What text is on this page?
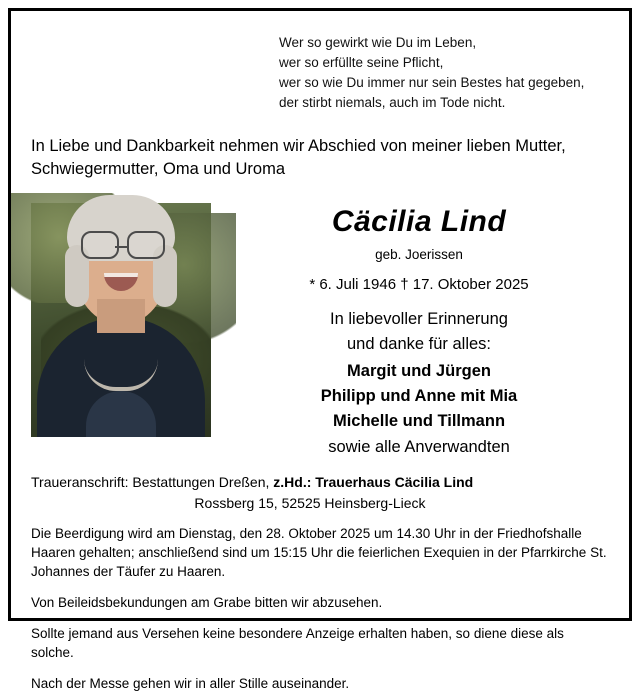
Wer so gewirkt wie Du im Leben,
wer so erfüllte seine Pflicht,
wer so wie Du immer nur sein Bestes hat gegeben,
der stirbt niemals, auch im Tode nicht.
In Liebe und Dankbarkeit nehmen wir Abschied von meiner lieben Mutter, Schwiegermutter, Oma und Uroma
Cäcilia Lind
geb. Joerissen
* 6. Juli 1946 † 17. Oktober 2025
In liebevoller Erinnerung
und danke für alles:
Margit und Jürgen
Philipp und Anne mit Mia
Michelle und Tillmann
sowie alle Anverwandten
Traueranschrift: Bestattungen Dreßen, z.Hd.: Trauerhaus Cäcilia Lind
Rossberg 15, 52525 Heinsberg-Lieck
Die Beerdigung wird am Dienstag, den 28. Oktober 2025 um 14.30 Uhr in der Friedhofshalle Haaren gehalten; anschließend sind um 15:15 Uhr die feierlichen Exequien in der Pfarrkirche St. Johannes der Täufer zu Haaren.
Von Beileidsbekundungen am Grabe bitten wir abzusehen.
Sollte jemand aus Versehen keine besondere Anzeige erhalten haben, so diene diese als solche.
Nach der Messe gehen wir in aller Stille auseinander.
